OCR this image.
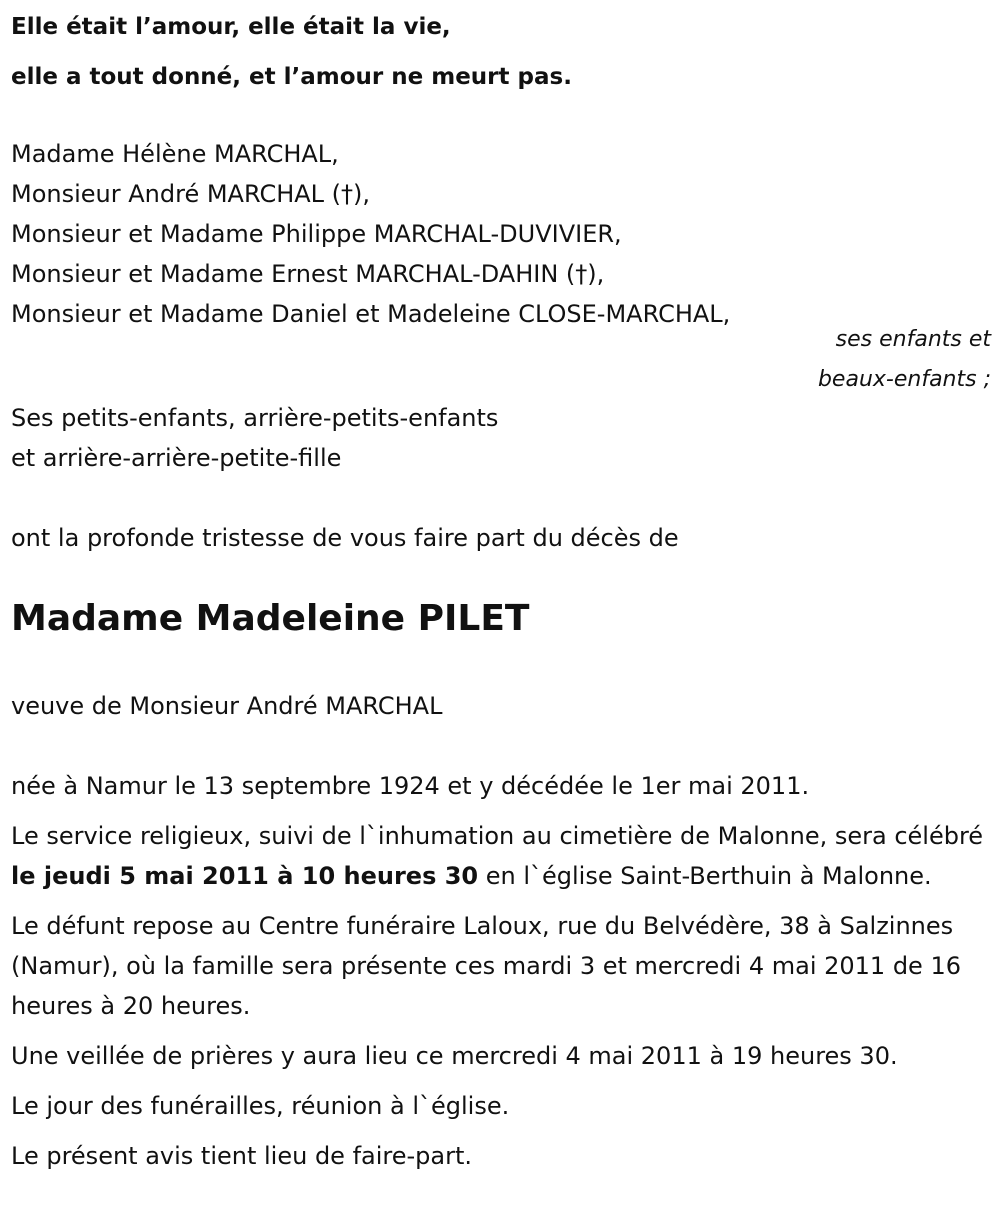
Elle était l’amour, elle était la vie,
elle a tout donné, et l’amour ne meurt pas.
Madame Hélène MARCHAL,
Monsieur André MARCHAL (†),
Monsieur et Madame Philippe MARCHAL-DUVIVIER,
Monsieur et Madame Ernest MARCHAL-DAHIN (†),
Monsieur et Madame Daniel et Madeleine CLOSE-MARCHAL,
ses enfants et
beaux-enfants ;
Ses petits-enfants, arrière-petits-enfants
et arrière-arrière-petite-fille
ont la profonde tristesse de vous faire part du décès de
Madame Madeleine PILET
veuve de Monsieur André MARCHAL

née à Namur le 13 septembre 1924 et y décédée le 1er mai 2011.

Le service religieux, suivi de l`inhumation au cimetière de Malonne, sera célébré le jeudi 5 mai 2011 à 10 heures 30 en l`église Saint-Berthuin à Malonne.

Le défunt repose au Centre funéraire Laloux, rue du Belvédère, 38 à Salzinnes (Namur), où la famille sera présente ces mardi 3 et mercredi 4 mai 2011 de 16 heures à 20 heures.

Une veillée de prières y aura lieu ce mercredi 4 mai 2011 à 19 heures 30.

Le jour des funérailles, réunion à l`église.

Le présent avis tient lieu de faire-part.
